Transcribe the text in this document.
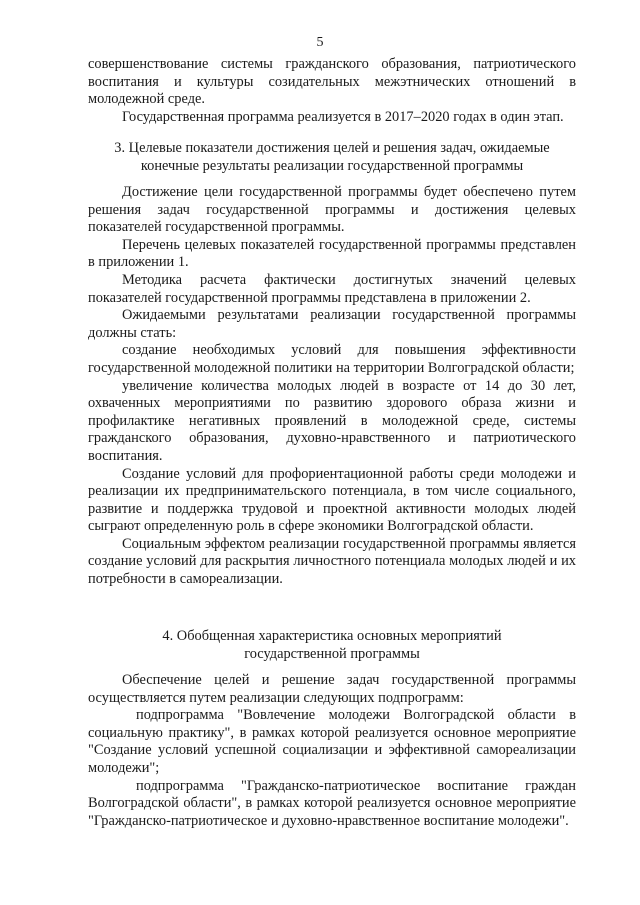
5

совершенствование системы гражданского образования, патриотического воспитания и культуры созидательных межэтнических отношений в молодежной среде.

Государственная программа реализуется в 2017–2020 годах в один этап.

3. Целевые показатели достижения целей и решения задач, ожидаемые конечные результаты реализации государственной программы

Достижение цели государственной программы будет обеспечено путем решения задач государственной программы и достижения целевых показателей государственной программы.

Перечень целевых показателей государственной программы представлен в приложении 1.

Методика расчета фактически достигнутых значений целевых показателей государственной программы представлена в приложении 2.

Ожидаемыми результатами реализации государственной программы должны стать:

создание необходимых условий для повышения эффективности государственной молодежной политики на территории Волгоградской области;

увеличение количества молодых людей в возрасте от 14 до 30 лет, охваченных мероприятиями по развитию здорового образа жизни и профилактике негативных проявлений в молодежной среде, системы гражданского образования, духовно-нравственного и патриотического воспитания.

Создание условий для профориентационной работы среди молодежи и реализации их предпринимательского потенциала, в том числе социального, развитие и поддержка трудовой и проектной активности молодых людей сыграют определенную роль в сфере экономики Волгоградской области.

Социальным эффектом реализации государственной программы является создание условий для раскрытия личностного потенциала молодых людей и их потребности в самореализации.

4. Обобщенная характеристика основных мероприятий государственной программы

Обеспечение целей и решение задач государственной программы осуществляется путем реализации следующих подпрограмм:

подпрограмма "Вовлечение молодежи Волгоградской области в социальную практику", в рамках которой реализуется основное мероприятие "Создание условий успешной социализации и эффективной самореализации молодежи";

подпрограмма "Гражданско-патриотическое воспитание граждан Волгоградской области", в рамках которой реализуется основное мероприятие "Гражданско-патриотическое и духовно-нравственное воспитание молодежи".
